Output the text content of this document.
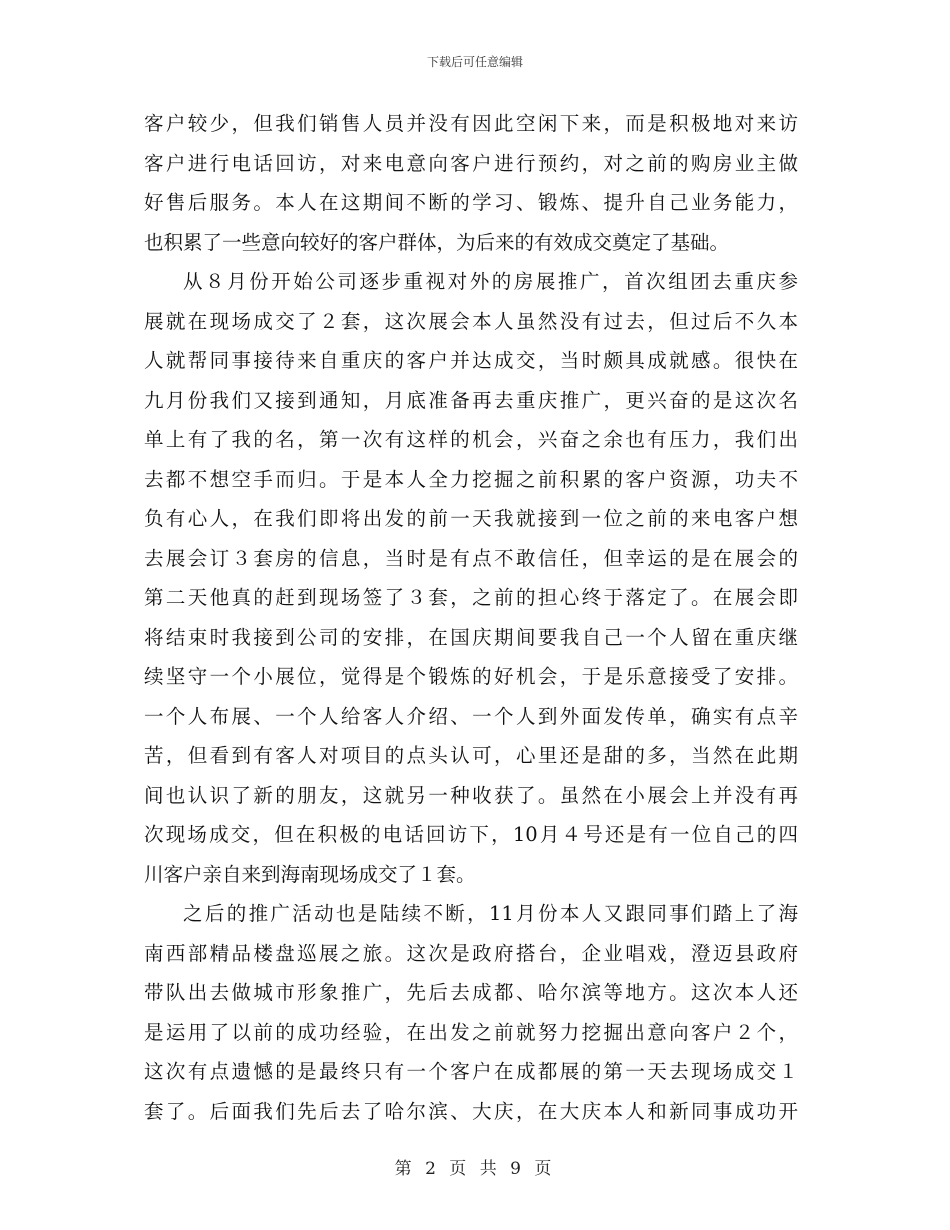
下载后可任意编辑
客户较少，但我们销售人员并没有因此空闲下来，而是积极地对来访
客户进行电话回访，对来电意向客户进行预约，对之前的购房业主做
好售后服务。本人在这期间不断的学习、锻炼、提升自己业务能力，
也积累了一些意向较好的客户群体，为后来的有效成交奠定了基础。
从８月份开始公司逐步重视对外的房展推广，首次组团去重庆参
展就在现场成交了２套，这次展会本人虽然没有过去，但过后不久本
人就帮同事接待来自重庆的客户并达成交，当时颇具成就感。很快在
九月份我们又接到通知，月底准备再去重庆推广，更兴奋的是这次名
单上有了我的名，第一次有这样的机会，兴奋之余也有压力，我们出
去都不想空手而归。于是本人全力挖掘之前积累的客户资源，功夫不
负有心人，在我们即将出发的前一天我就接到一位之前的来电客户想
去展会订３套房的信息，当时是有点不敢信任，但幸运的是在展会的
第二天他真的赶到现场签了３套，之前的担心终于落定了。在展会即
将结束时我接到公司的安排，在国庆期间要我自己一个人留在重庆继
续坚守一个小展位，觉得是个锻炼的好机会，于是乐意接受了安排。
一个人布展、一个人给客人介绍、一个人到外面发传单，确实有点辛
苦，但看到有客人对项目的点头认可，心里还是甜的多，当然在此期
间也认识了新的朋友，这就另一种收获了。虽然在小展会上并没有再
次现场成交，但在积极的电话回访下，10月４号还是有一位自己的四
川客户亲自来到海南现场成交了１套。
之后的推广活动也是陆续不断，11月份本人又跟同事们踏上了海
南西部精品楼盘巡展之旅。这次是政府搭台，企业唱戏，澄迈县政府
带队出去做城市形象推广，先后去成都、哈尔滨等地方。这次本人还
是运用了以前的成功经验，在出发之前就努力挖掘出意向客户２个，
这次有点遗憾的是最终只有一个客户在成都展的第一天去现场成交１
套了。后面我们先后去了哈尔滨、大庆，在大庆本人和新同事成功开
第 2 页 共 9 页
